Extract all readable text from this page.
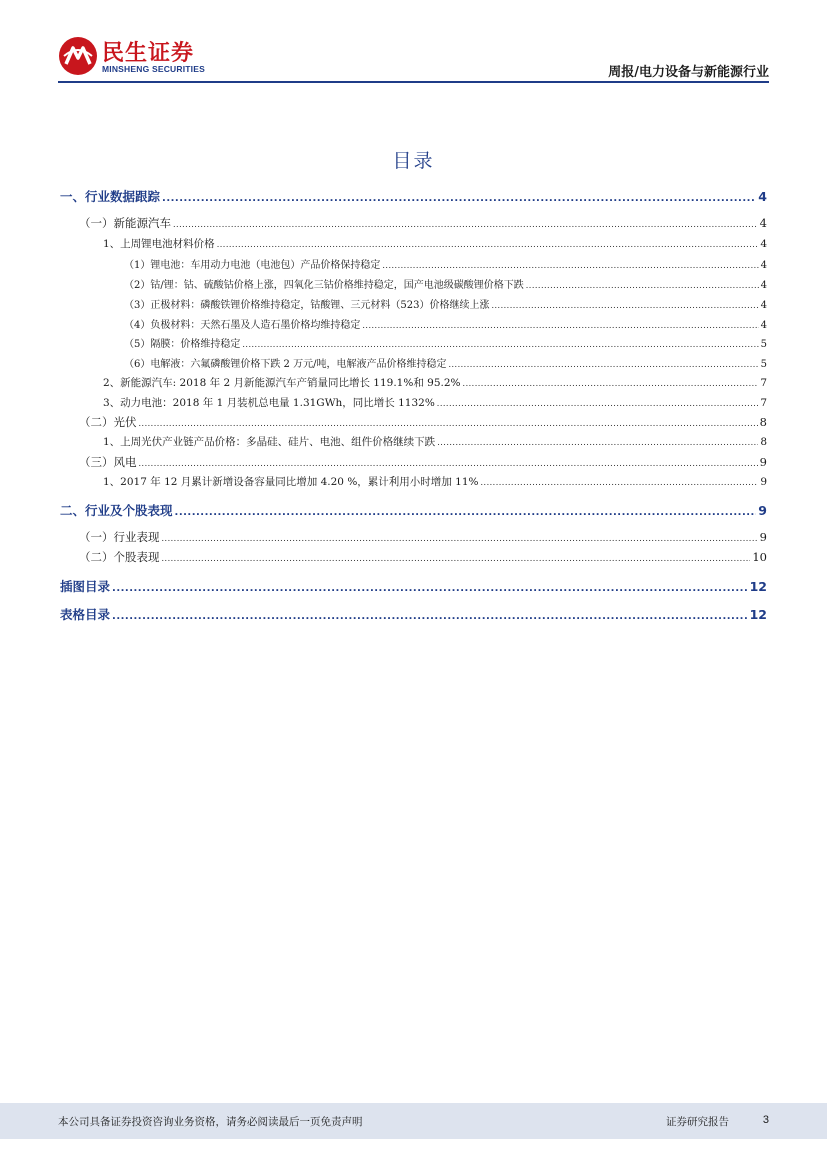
民生证券
MINSHENG SECURITIES	周报/电力设备与新能源行业
目录
一、行业数据跟踪 .....	4
（一）新能源汽车 .....	4
1、上周锂电池材料价格 .....	4
（1）锂电池：车用动力电池（电池包）产品价格保持稳定 .....	4
（2）钴/锂：钴、硫酸钴价格上涨，四氧化三钴价格维持稳定，国产电池级碳酸锂价格下跌 .....	4
（3）正极材料：磷酸铁锂价格维持稳定，钴酸锂、三元材料（523）价格继续上涨 .....	4
（4）负极材料：天然石墨及人造石墨价格均维持稳定 .....	4
（5）隔膜：价格维持稳定 .....	5
（6）电解液：六氟磷酸锂价格下跌 2 万元/吨，电解液产品价格维持稳定 .....	5
2、新能源汽车: 2018 年 2 月新能源汽车产销量同比增长 119.1%和 95.2% .....	7
3、动力电池：2018 年 1 月装机总电量 1.31GWh，同比增长 1132% .....	7
（二）光伏 .....	8
1、上周光伏产业链产品价格：多晶硅、硅片、电池、组件价格继续下跌 .....	8
（三）风电 .....	9
1、2017 年 12 月累计新增设备容量同比增加 4.20 %，累计利用小时增加 11% .....	9
二、行业及个股表现 .....	9
（一）行业表现 .....	9
（二）个股表现 .....	10
插图目录 .....	12
表格目录 .....	12
本公司具备证券投资咨询业务资格，请务必阅读最后一页免责声明	证券研究报告	3
